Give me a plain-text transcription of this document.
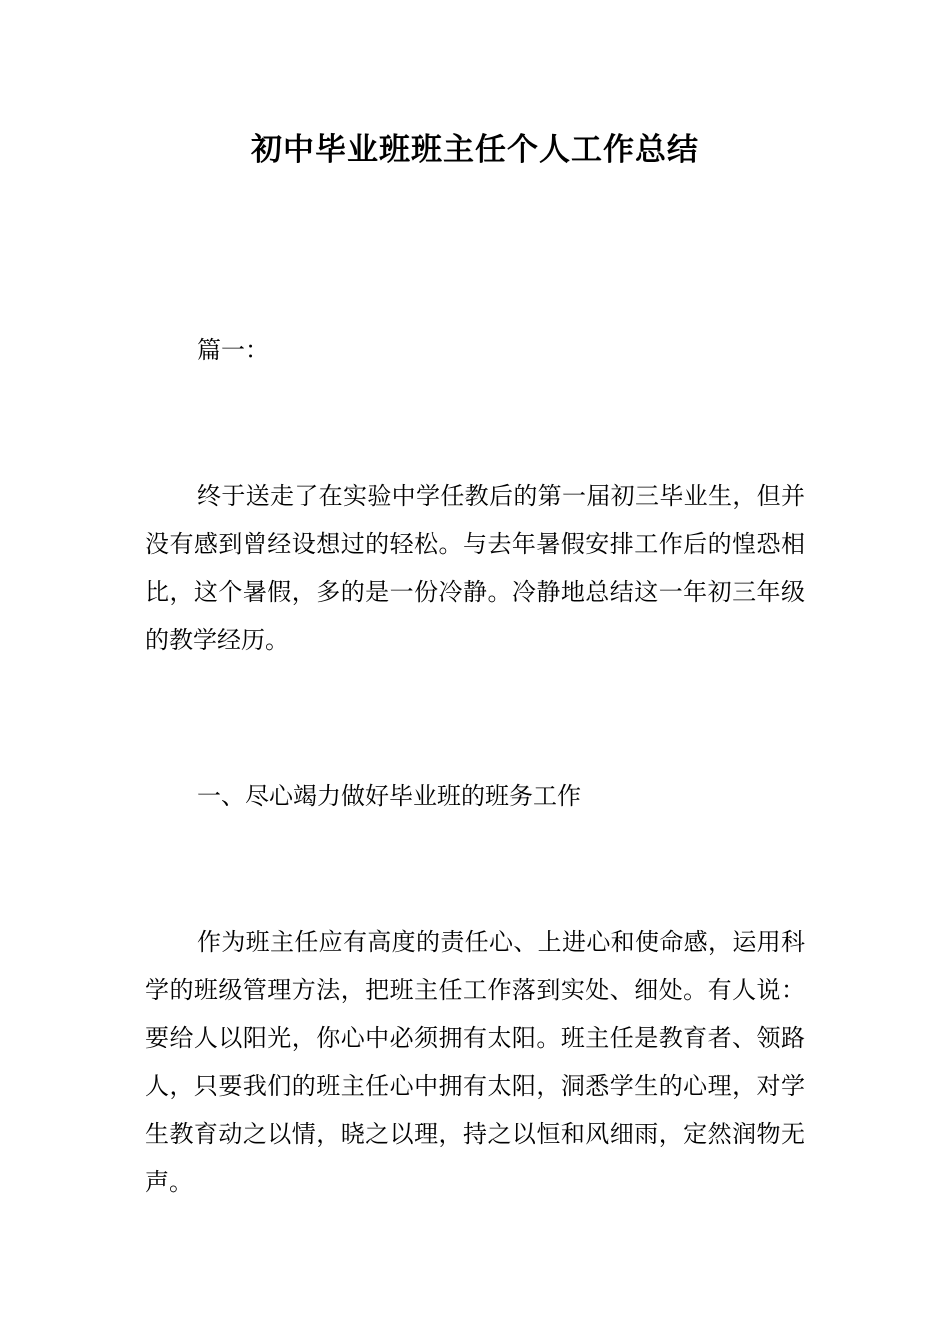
初中毕业班班主任个人工作总结

篇一：

终于送走了在实验中学任教后的第一届初三毕业生，但并没有感到曾经设想过的轻松。与去年暑假安排工作后的惶恐相比，这个暑假，多的是一份冷静。冷静地总结这一年初三年级的教学经历。

一、尽心竭力做好毕业班的班务工作

作为班主任应有高度的责任心、上进心和使命感，运用科学的班级管理方法，把班主任工作落到实处、细处。有人说：要给人以阳光，你心中必须拥有太阳。班主任是教育者、领路人，只要我们的班主任心中拥有太阳，洞悉学生的心理，对学生教育动之以情，晓之以理，持之以恒和风细雨，定然润物无声。
